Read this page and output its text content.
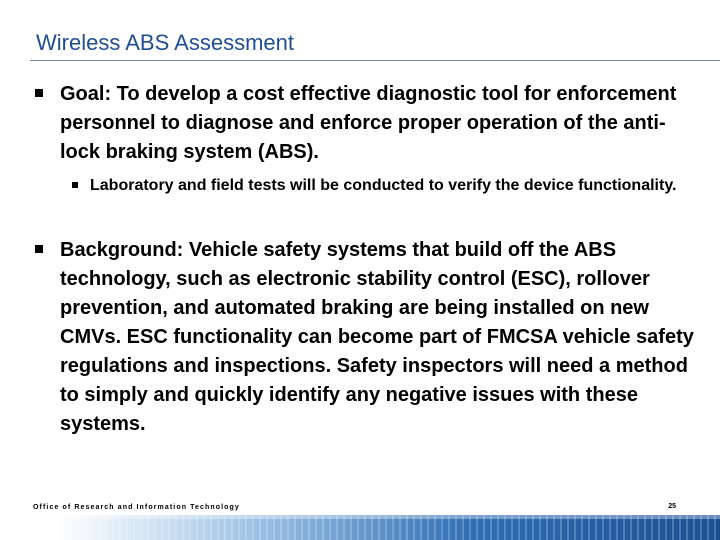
Wireless ABS Assessment
Goal: To develop a cost effective diagnostic tool for enforcement personnel to diagnose and enforce proper operation of the anti-lock braking system (ABS).
Laboratory and field tests will be conducted to verify the device functionality.
Background: Vehicle safety systems that build off the ABS technology, such as electronic stability control (ESC), rollover prevention, and automated braking are being installed on new CMVs. ESC functionality can become part of FMCSA vehicle safety regulations and inspections. Safety inspectors will need a method to simply and quickly identify any negative issues with these systems.
Office of Research and Information Technology	25
